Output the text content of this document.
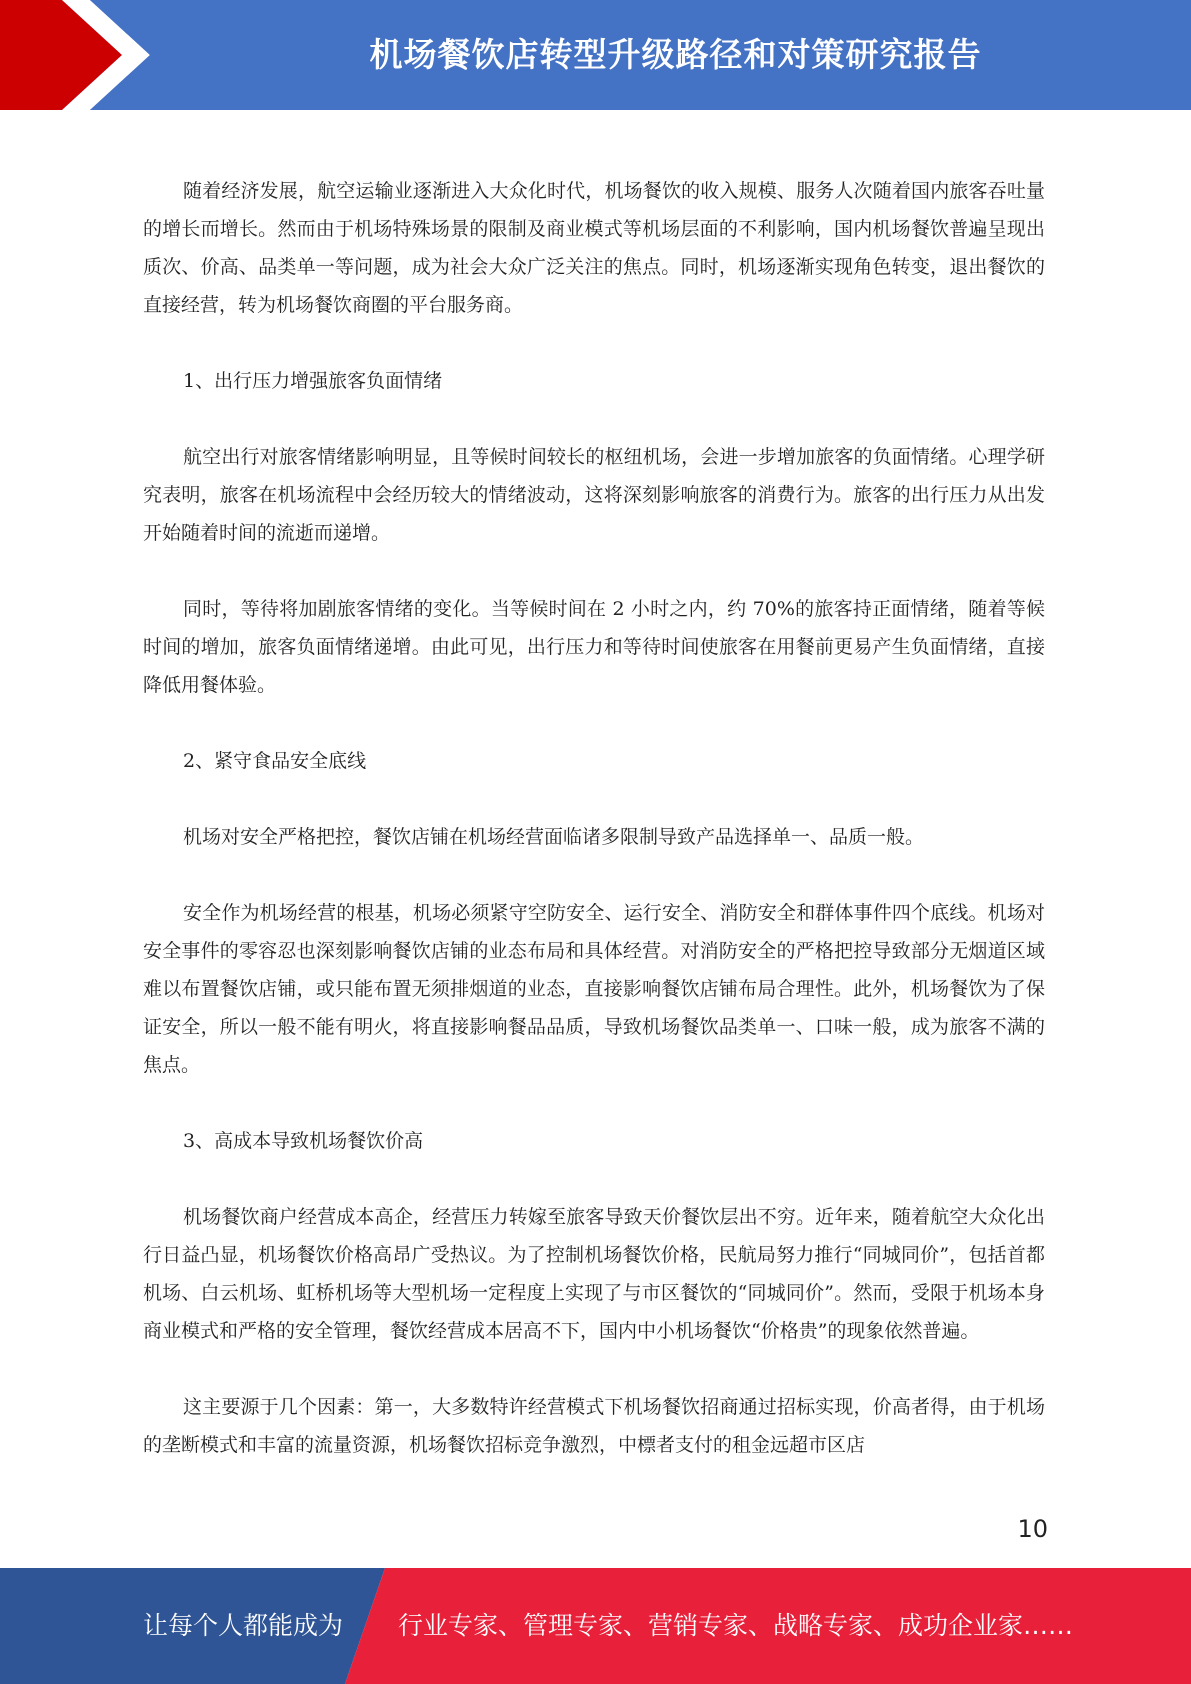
机场餐饮店转型升级路径和对策研究报告

随着经济发展，航空运输业逐渐进入大众化时代，机场餐饮的收入规模、服务人次随着国内旅客吞吐量的增长而增长。然而由于机场特殊场景的限制及商业模式等机场层面的不利影响，国内机场餐饮普遍呈现出质次、价高、品类单一等问题，成为社会大众广泛关注的焦点。同时，机场逐渐实现角色转变，退出餐饮的直接经营，转为机场餐饮商圈的平台服务商。

1、出行压力增强旅客负面情绪

航空出行对旅客情绪影响明显，且等候时间较长的枢纽机场，会进一步增加旅客的负面情绪。心理学研究表明，旅客在机场流程中会经历较大的情绪波动，这将深刻影响旅客的消费行为。旅客的出行压力从出发开始随着时间的流逝而递增。

同时，等待将加剧旅客情绪的变化。当等候时间在 2 小时之内，约 70%的旅客持正面情绪，随着等候时间的增加，旅客负面情绪递增。由此可见，出行压力和等待时间使旅客在用餐前更易产生负面情绪，直接降低用餐体验。

2、紧守食品安全底线

机场对安全严格把控，餐饮店铺在机场经营面临诸多限制导致产品选择单一、品质一般。

安全作为机场经营的根基，机场必须紧守空防安全、运行安全、消防安全和群体事件四个底线。机场对安全事件的零容忍也深刻影响餐饮店铺的业态布局和具体经营。对消防安全的严格把控导致部分无烟道区域难以布置餐饮店铺，或只能布置无须排烟道的业态，直接影响餐饮店铺布局合理性。此外，机场餐饮为了保证安全，所以一般不能有明火，将直接影响餐品品质，导致机场餐饮品类单一、口味一般，成为旅客不满的焦点。

3、高成本导致机场餐饮价高

机场餐饮商户经营成本高企，经营压力转嫁至旅客导致天价餐饮层出不穷。近年来，随着航空大众化出行日益凸显，机场餐饮价格高昂广受热议。为了控制机场餐饮价格，民航局努力推行“同城同价”，包括首都机场、白云机场、虹桥机场等大型机场一定程度上实现了与市区餐饮的“同城同价”。然而，受限于机场本身商业模式和严格的安全管理，餐饮经营成本居高不下，国内中小机场餐饮“价格贵”的现象依然普遍。

这主要源于几个因素：第一，大多数特许经营模式下机场餐饮招商通过招标实现，价高者得，由于机场的垄断模式和丰富的流量资源，机场餐饮招标竞争激烈，中標者支付的租金远超市区店

10
让每个人都能成为 行业专家、管理专家、营销专家、战略专家、成功企业家……
